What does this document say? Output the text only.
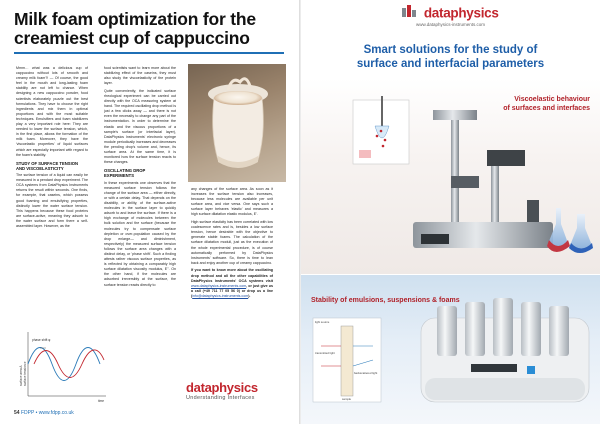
Milk foam optimization for the creamiest cup of cappuccino

Mmm… what was a delicious cup of cappuccino without lots of smooth and creamy milk foam?! — Of course, the good feel in the mouth and long-lasting foam stability are not left to chance. When designing a new cappuccino powder, food scientists elaborately puzzle out the best formulations. They have to choose the right ingredients and mix them in optimal proportions and with the most suitable techniques. Emulsifiers and foam stabilizers play a very important role here: They are needed to lower the surface tension, which, in the first place, allows the formation of the milk foam. Moreover, they have the 'viscoelastic properties' of liquid surfaces which are especially important with regard to the foam's stability.

STUDY OF SURFACE TENSION AND VISCOELASTICITY

The surface tension of a liquid can easily be measured in a pendant drop experiment. The OCA systems from DataPhysics Instruments returns the result within seconds. One finds, for example, that caseins, which possess good foaming and emulsifying properties, distinctly lower the water surface tension. This happens because these food proteins are surface-active, meaning they adsorb to the water surface and form there a self-assembled layer. However, as the

food scientists want to learn more about the stabilizing effect of the caseins, they must also study the viscoelasticity of the protein layer.

Quite conveniently, the indicated surface rheological experiment can be carried out directly with the OCA measuring system at hand. The required oscillating drop method is just a few clicks away — and there is not even the necessity to change any part of the instrumentation. In order to determine the elastic and the viscous proportions of a sample's surface (or interfacial layer), DataPhysics Instruments' electronic syringe module periodically increases and decreases the pending drop's volume and, hence, its surface area. At the same time, it is monitored how the surface tension reacts to these changes.

OSCILLATING DROP EXPERIMENTS

In these experiments one observes that the measured surface tension follows the change of the surface area — either directly, or with a certain delay. That depends on the disability, or ability, of the surface-active molecules in the surface layer to quickly adsorb to and leave the surface. If there is a high exchange of molecules between the bulk solution and the surface (because the molecules try to compensate surface depletion or over-population caused by the drop enlarge— and diminishment, respectively) the measured surface tension follows the surface area changes with a distinct delay, or 'phase shift'. Such a finding attests rather viscous surface properties, as is reflected by obtaining a comparably high surface dilatation viscosity modulus, E''. On the other hand, if the molecules are adsorbed irreversibly at the surface, the surface tension reacts directly to

any changes of the surface area. As soon as it increases the surface tension also increases, because less molecules are available per unit surface area, and vice versa. One says such a surface layer behaves 'elastic' and measures a high surface dilatation elastic modulus, E'.

High surface elasticity has been correlated with low coalescence rates and is, besides a low surface tension, hence desirable with the objective to generate stable foams. The calculation of the surface dilatation moduli, just as the execution of the whole experimental procedure, is of course automatically performed by DataPhysics Instruments' software. So, there is time to lean back and enjoy another cup of creamy cappuccino.

If you want to know more about the oscillating drop method and all the other capabilities of DataPhysics Instruments' OCA systems visit www.dataphysics-instruments.com, or just give us a call (+49 711 77 05 56 0) or drop us a line (info@dataphysics-instruments.com).

phase shift φ
surface area A surface tension σ
time
dataphysics
Understanding Interfaces
54 FDPP • www.fdpp.co.uk
dataphysics
www.dataphysics-instruments.com
Smart solutions for the study of
surface and interfacial parameters
Viscoelastic behaviour
of surfaces and interfaces
Stability of emulsions, suspensions & foams
light source
transmitted light
backscattered light
sample
